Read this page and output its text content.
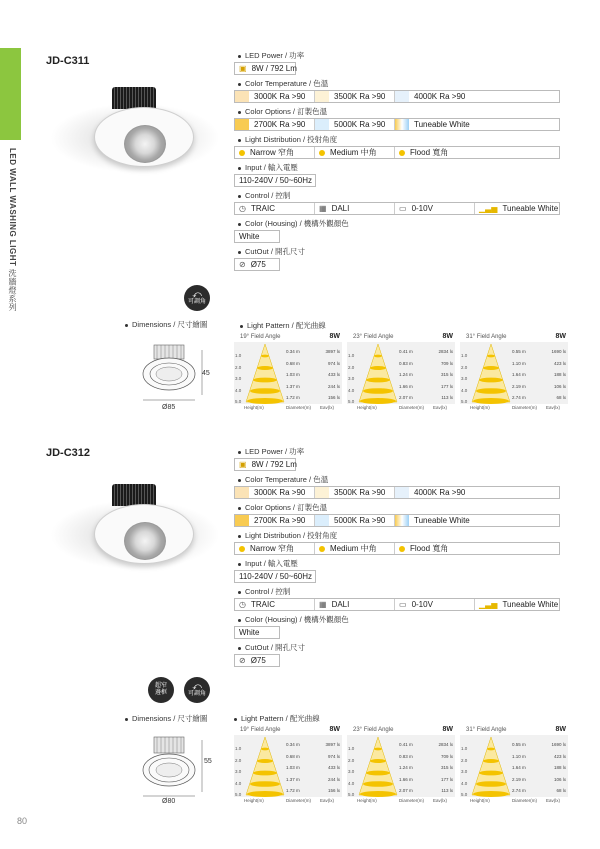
LED WALL WASHING LIGHT 洗牆燈系列
JD-C311
⤺
可調角
Dimensions / 尺寸繪圖
45
Ø85
LED Power / 功率
▣ 8W / 792 Lm
Color Temperature / 色溫
3000K Ra >90	3500K Ra >90	4000K Ra >90
Color Options / 訂製色溫
2700K Ra >90	5000K Ra >90	Tuneable White
Light Distribution / 投射角度
Narrow 窄角	Medium 中角	Flood 寬角
Input / 輸入電壓
110-240V / 50~60Hz
Control / 控制
◷ TRAIC	▦ DALI	▭ 0-10V	▁▃▅ Tuneable White
Color (Housing) / 機構外觀顏色
White
CutOut / 開孔尺寸
⊘ Ø75
Light Pattern / 配光曲線
19° Field Angle	8W
1.0
0.34 m	3897 lx
2.0
0.68 m	974 lx
3.0
1.03 m	433 lx
4.0
1.37 m	244 lx
5.0
1.72 m	156 lx
Height(m)	Diameter(m) Eav(lx)
23° Field Angle	8W
1.0
0.41 m	2834 lx
2.0
0.83 m	709 lx
3.0
1.24 m	315 lx
4.0
1.66 m	177 lx
5.0
2.07 m	113 lx
Height(m)	Diameter(m) Eav(lx)
31° Field Angle	8W
1.0
0.55 m	1690 lx
2.0
1.10 m	423 lx
3.0
1.64 m	188 lx
4.0
2.19 m	106 lx
5.0
2.74 m	68 lx
Height(m)	Diameter(m) Eav(lx)
JD-C312
超窄邊框
⤺
可調角
Dimensions / 尺寸繪圖
55
Ø80
LED Power / 功率
▣ 8W / 792 Lm
Color Temperature / 色溫
3000K Ra >90	3500K Ra >90	4000K Ra >90
Color Options / 訂製色溫
2700K Ra >90	5000K Ra >90	Tuneable White
Light Distribution / 投射角度
Narrow 窄角	Medium 中角	Flood 寬角
Input / 輸入電壓
110-240V / 50~60Hz
Control / 控制
◷ TRAIC	▦ DALI	▭ 0-10V	▁▃▅ Tuneable White
Color (Housing) / 機構外觀顏色
White
CutOut / 開孔尺寸
⊘ Ø75
Light Pattern / 配光曲線
19° Field Angle	8W
1.0
0.34 m	3897 lx
2.0
0.68 m	974 lx
3.0
1.03 m	433 lx
4.0
1.37 m	244 lx
5.0
1.72 m	156 lx
Height(m)	Diameter(m) Eav(lx)
23° Field Angle	8W
1.0
0.41 m	2834 lx
2.0
0.83 m	709 lx
3.0
1.24 m	315 lx
4.0
1.66 m	177 lx
5.0
2.07 m	113 lx
Height(m)	Diameter(m) Eav(lx)
31° Field Angle	8W
1.0
0.55 m	1690 lx
2.0
1.10 m	423 lx
3.0
1.64 m	188 lx
4.0
2.19 m	106 lx
5.0
2.74 m	68 lx
Height(m)	Diameter(m) Eav(lx)
80
